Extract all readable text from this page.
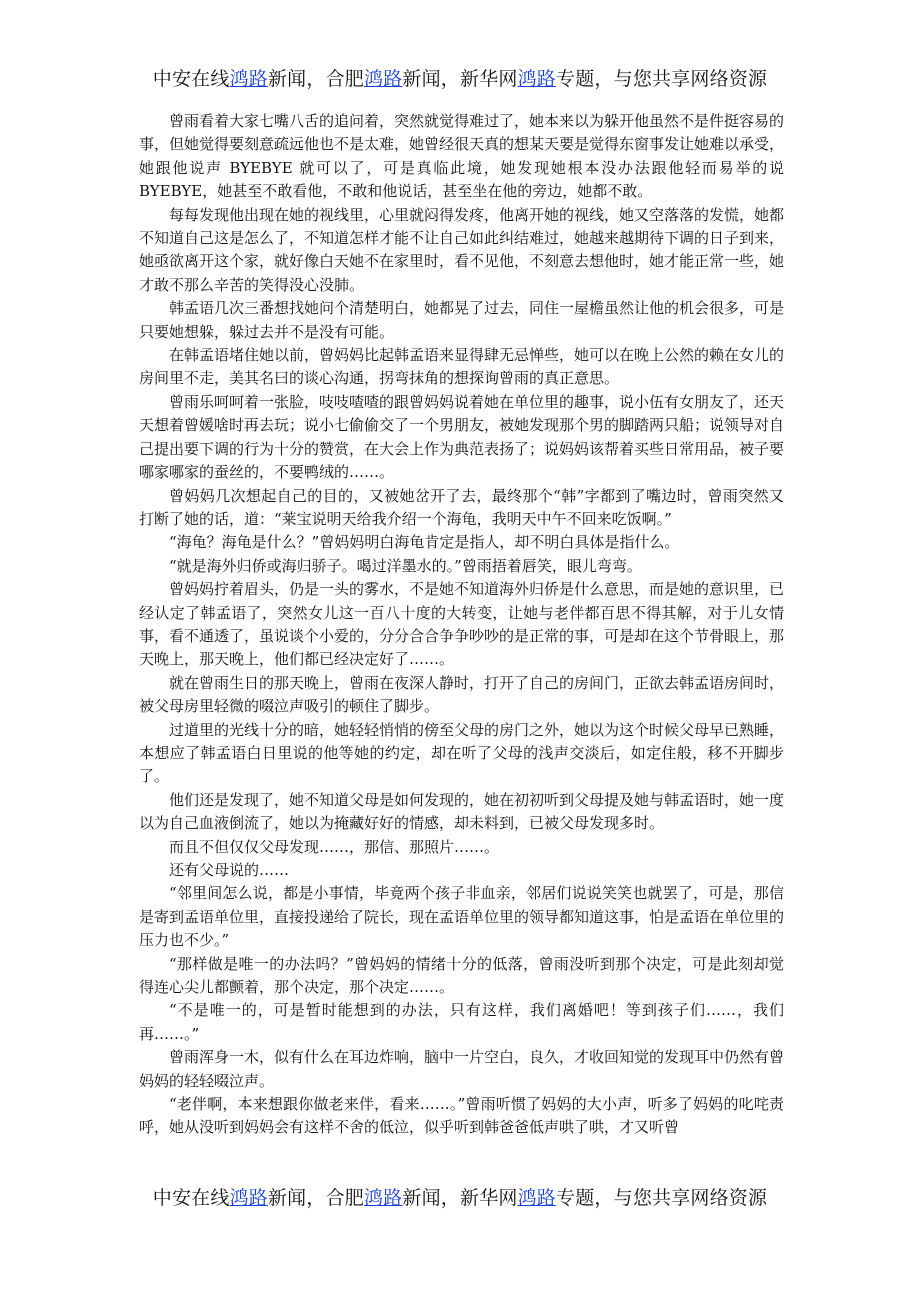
中安在线鸿路新闻，合肥鸿路新闻，新华网鸿路专题，与您共享网络资源

曾雨看着大家七嘴八舌的追问着，突然就觉得难过了，她本来以为躲开他虽然不是件挺容易的事，但她觉得要刻意疏远他也不是太难，她曾经很天真的想某天要是觉得东窗事发让她难以承受，她跟他说声 BYEBYE 就可以了，可是真临此境，她发现她根本没办法跟他轻而易举的说 BYEBYE，她甚至不敢看他，不敢和他说话，甚至坐在他的旁边，她都不敢。

每每发现他出现在她的视线里，心里就闷得发疼，他离开她的视线，她又空落落的发慌，她都不知道自己这是怎么了，不知道怎样才能不让自己如此纠结难过，她越来越期待下调的日子到来，她亟欲离开这个家，就好像白天她不在家里时，看不见他，不刻意去想他时，她才能正常一些，她才敢不那么辛苦的笑得没心没肺。

韩孟语几次三番想找她问个清楚明白，她都晃了过去，同住一屋檐虽然让他的机会很多，可是只要她想躲，躲过去并不是没有可能。

在韩孟语堵住她以前，曾妈妈比起韩孟语来显得肆无忌惮些，她可以在晚上公然的赖在女儿的房间里不走，美其名曰的谈心沟通，拐弯抹角的想探询曾雨的真正意思。

曾雨乐呵呵着一张脸，吱吱喳喳的跟曾妈妈说着她在单位里的趣事，说小伍有女朋友了，还天天想着曾媛啥时再去玩；说小七偷偷交了一个男朋友，被她发现那个男的脚踏两只船；说领导对自己提出要下调的行为十分的赞赏，在大会上作为典范表扬了；说妈妈该帮着买些日常用品，被子要哪家哪家的蚕丝的，不要鸭绒的……。

曾妈妈几次想起自己的目的，又被她岔开了去，最终那个“韩”字都到了嘴边时，曾雨突然又打断了她的话，道：“莱宝说明天给我介绍一个海龟，我明天中午不回来吃饭啊。”

“海龟？海龟是什么？”曾妈妈明白海龟肯定是指人，却不明白具体是指什么。

“就是海外归侨或海归骄子。喝过洋墨水的。”曾雨捂着唇笑，眼儿弯弯。

曾妈妈拧着眉头，仍是一头的雾水，不是她不知道海外归侨是什么意思，而是她的意识里，已经认定了韩孟语了，突然女儿这一百八十度的大转变，让她与老伴都百思不得其解，对于儿女情事，看不通透了，虽说谈个小爱的，分分合合争争吵吵的是正常的事，可是却在这个节骨眼上，那天晚上，那天晚上，他们都已经决定好了……。

就在曾雨生日的那天晚上，曾雨在夜深人静时，打开了自己的房间门，正欲去韩孟语房间时，被父母房里轻微的啜泣声吸引的顿住了脚步。

过道里的光线十分的暗，她轻轻悄悄的傍至父母的房门之外，她以为这个时候父母早已熟睡，本想应了韩孟语白日里说的他等她的约定，却在听了父母的浅声交淡后，如定住般，移不开脚步了。

他们还是发现了，她不知道父母是如何发现的，她在初初听到父母提及她与韩孟语时，她一度以为自己血液倒流了，她以为掩藏好好的情感，却未料到，已被父母发现多时。

而且不但仅仅父母发现……，那信、那照片……。

还有父母说的……

“邻里间怎么说，都是小事情，毕竟两个孩子非血亲，邻居们说说笑笑也就罢了，可是，那信是寄到孟语单位里，直接投递给了院长，现在孟语单位里的领导都知道这事，怕是孟语在单位里的压力也不少。”

“那样做是唯一的办法吗？”曾妈妈的情绪十分的低落，曾雨没听到那个决定，可是此刻却觉得连心尖儿都颤着，那个决定，那个决定……。

“不是唯一的，可是暂时能想到的办法，只有这样，我们离婚吧！等到孩子们……，我们再……。”

曾雨浑身一木，似有什么在耳边炸响，脑中一片空白，良久，才收回知觉的发现耳中仍然有曾妈妈的轻轻啜泣声。

“老伴啊，本来想跟你做老来伴，看来……。”曾雨听惯了妈妈的大小声，听多了妈妈的叱咤责呼，她从没听到妈妈会有这样不舍的低泣，似乎听到韩爸爸低声哄了哄，才又听曾

中安在线鸿路新闻，合肥鸿路新闻，新华网鸿路专题，与您共享网络资源
